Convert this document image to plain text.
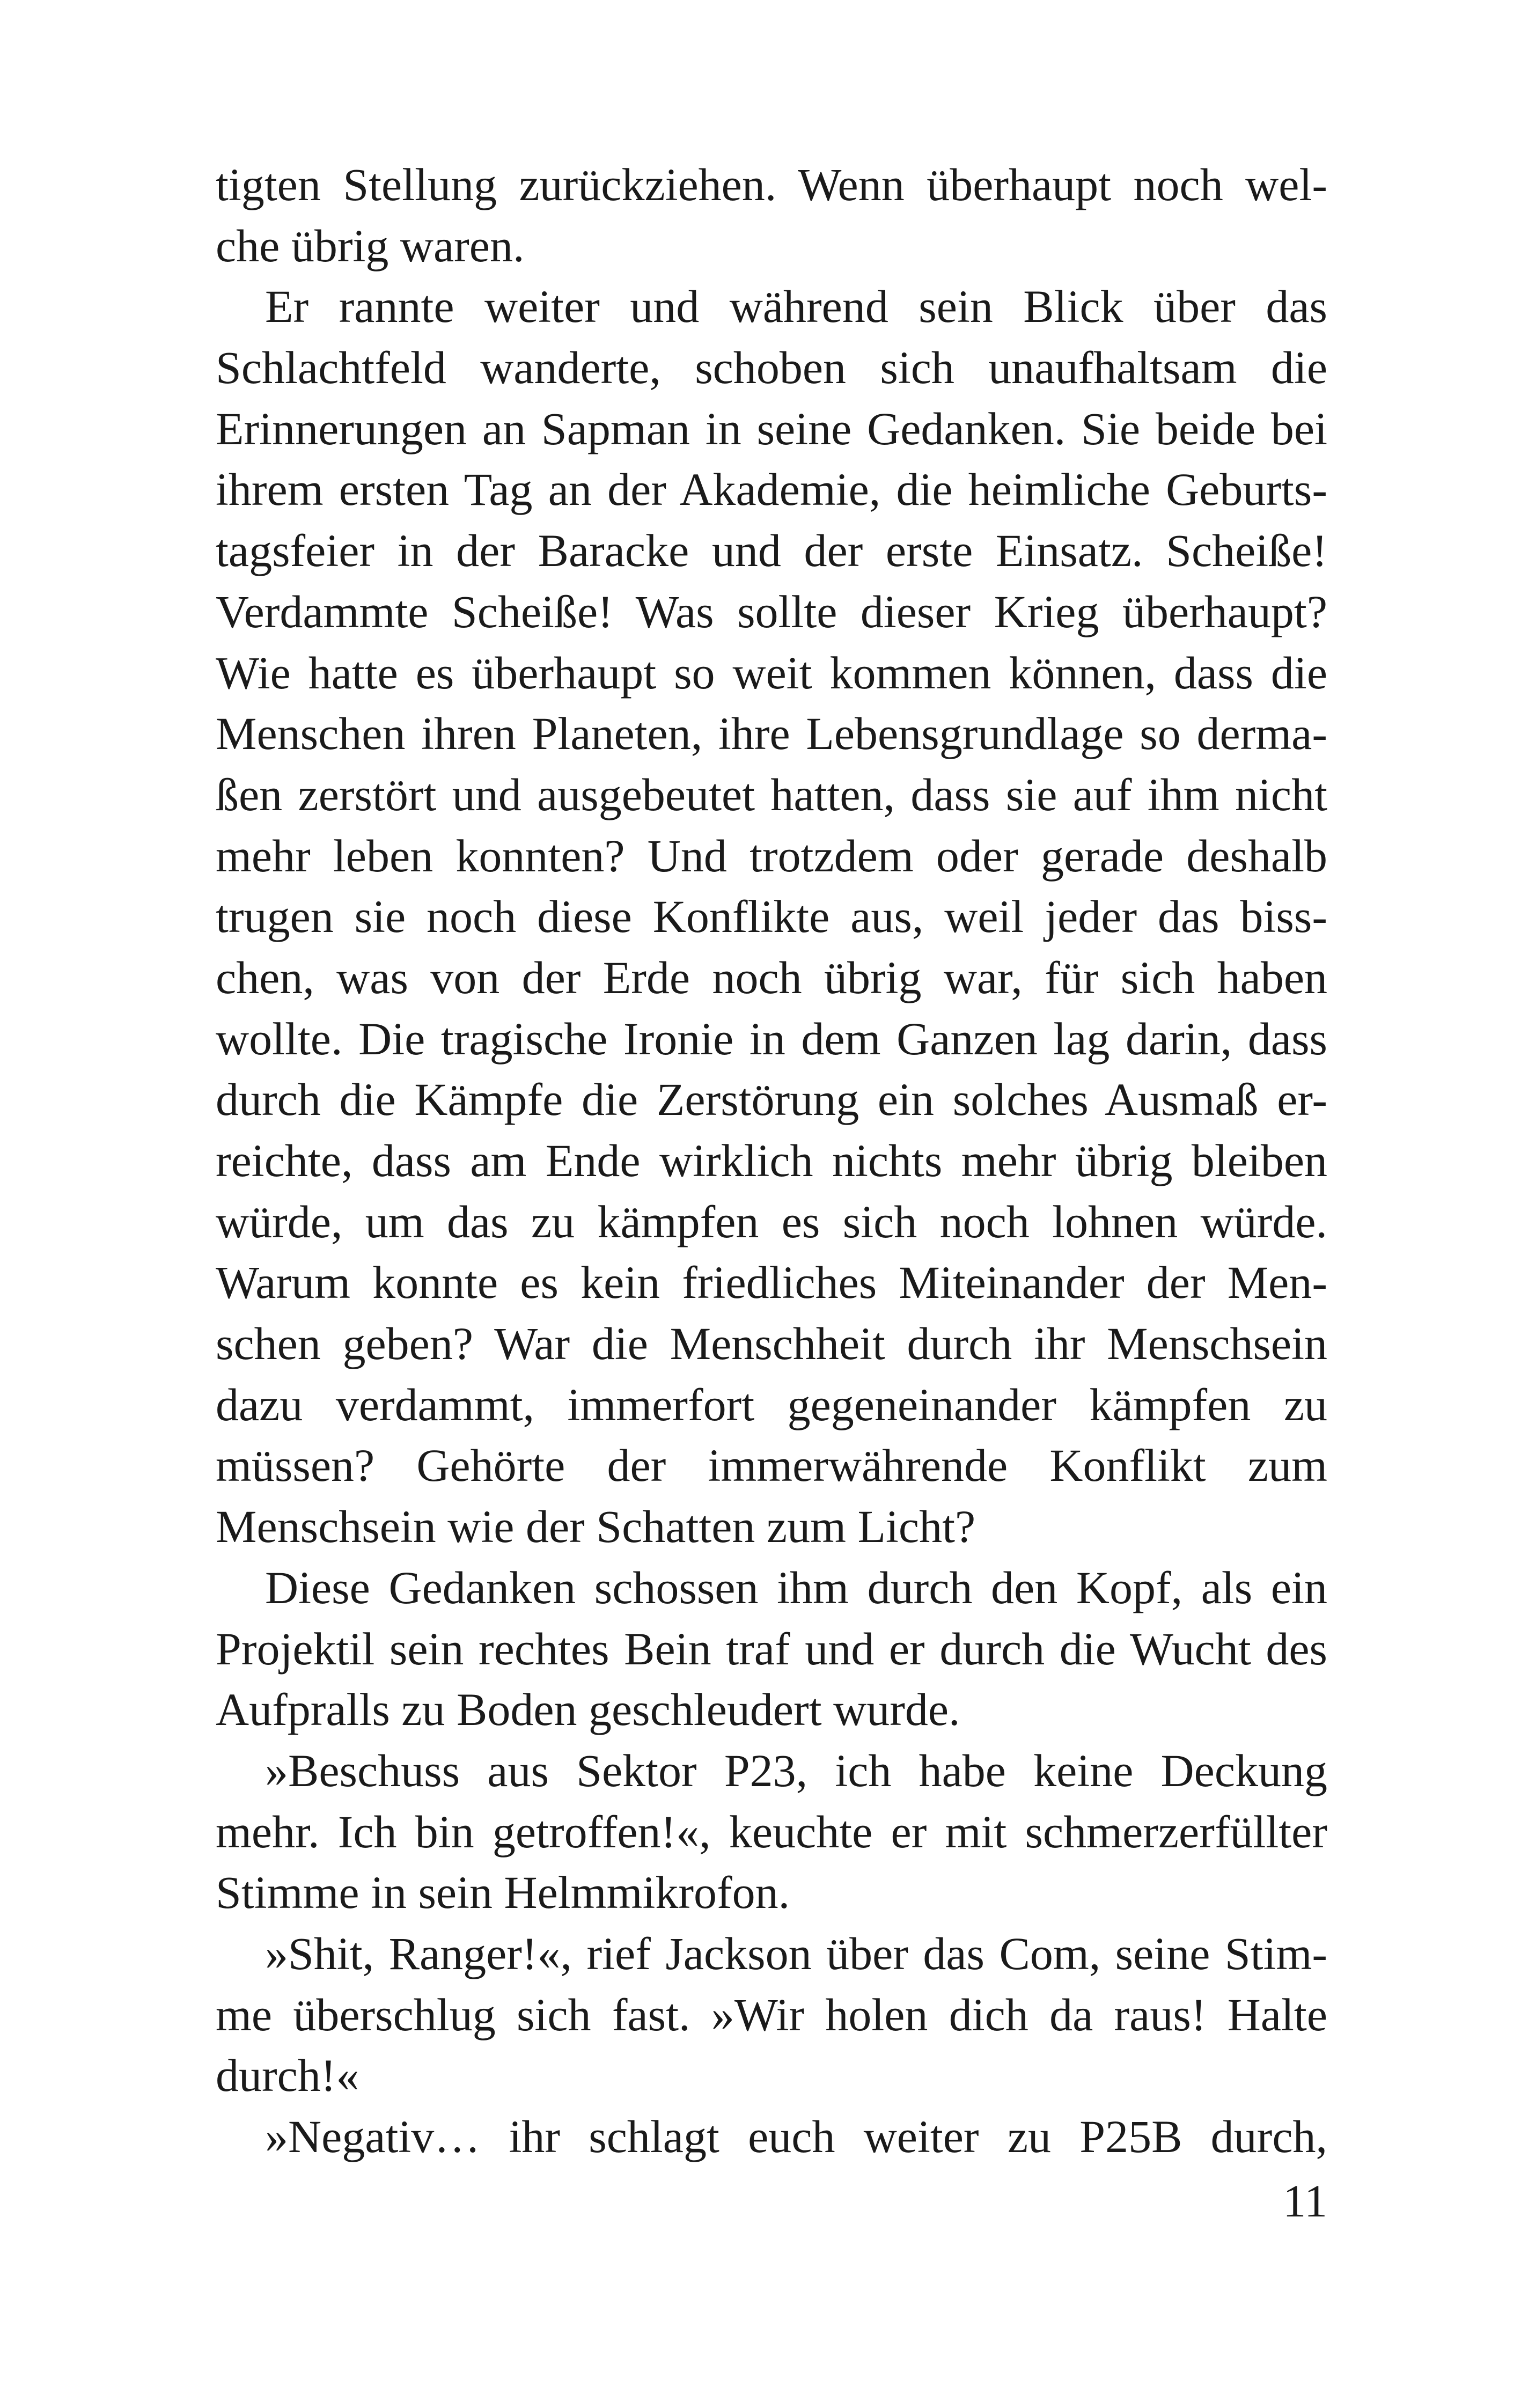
tigten Stellung zurückziehen. Wenn überhaupt noch wel-
che übrig waren.
Er rannte weiter und während sein Blick über das
Schlachtfeld wanderte, schoben sich unaufhaltsam die
Erinnerungen an Sapman in seine Gedanken. Sie beide bei
ihrem ersten Tag an der Akademie, die heimliche Geburts-
tagsfeier in der Baracke und der erste Einsatz. Scheiße!
Verdammte Scheiße! Was sollte dieser Krieg überhaupt?
Wie hatte es überhaupt so weit kommen können, dass die
Menschen ihren Planeten, ihre Lebensgrundlage so derma-
ßen zerstört und ausgebeutet hatten, dass sie auf ihm nicht
mehr leben konnten? Und trotzdem oder gerade deshalb
trugen sie noch diese Konflikte aus, weil jeder das biss-
chen, was von der Erde noch übrig war, für sich haben
wollte. Die tragische Ironie in dem Ganzen lag darin, dass
durch die Kämpfe die Zerstörung ein solches Ausmaß er-
reichte, dass am Ende wirklich nichts mehr übrig bleiben
würde, um das zu kämpfen es sich noch lohnen würde.
Warum konnte es kein friedliches Miteinander der Men-
schen geben? War die Menschheit durch ihr Menschsein
dazu verdammt, immerfort gegeneinander kämpfen zu
müssen? Gehörte der immerwährende Konflikt zum
Menschsein wie der Schatten zum Licht?
Diese Gedanken schossen ihm durch den Kopf, als ein
Projektil sein rechtes Bein traf und er durch die Wucht des
Aufpralls zu Boden geschleudert wurde.
»Beschuss aus Sektor P23, ich habe keine Deckung
mehr. Ich bin getroffen!«, keuchte er mit schmerzerfüllter
Stimme in sein Helmmikrofon.
»Shit, Ranger!«, rief Jackson über das Com, seine Stim-
me überschlug sich fast. »Wir holen dich da raus! Halte
durch!«
»Negativ… ihr schlagt euch weiter zu P25B durch,
11
